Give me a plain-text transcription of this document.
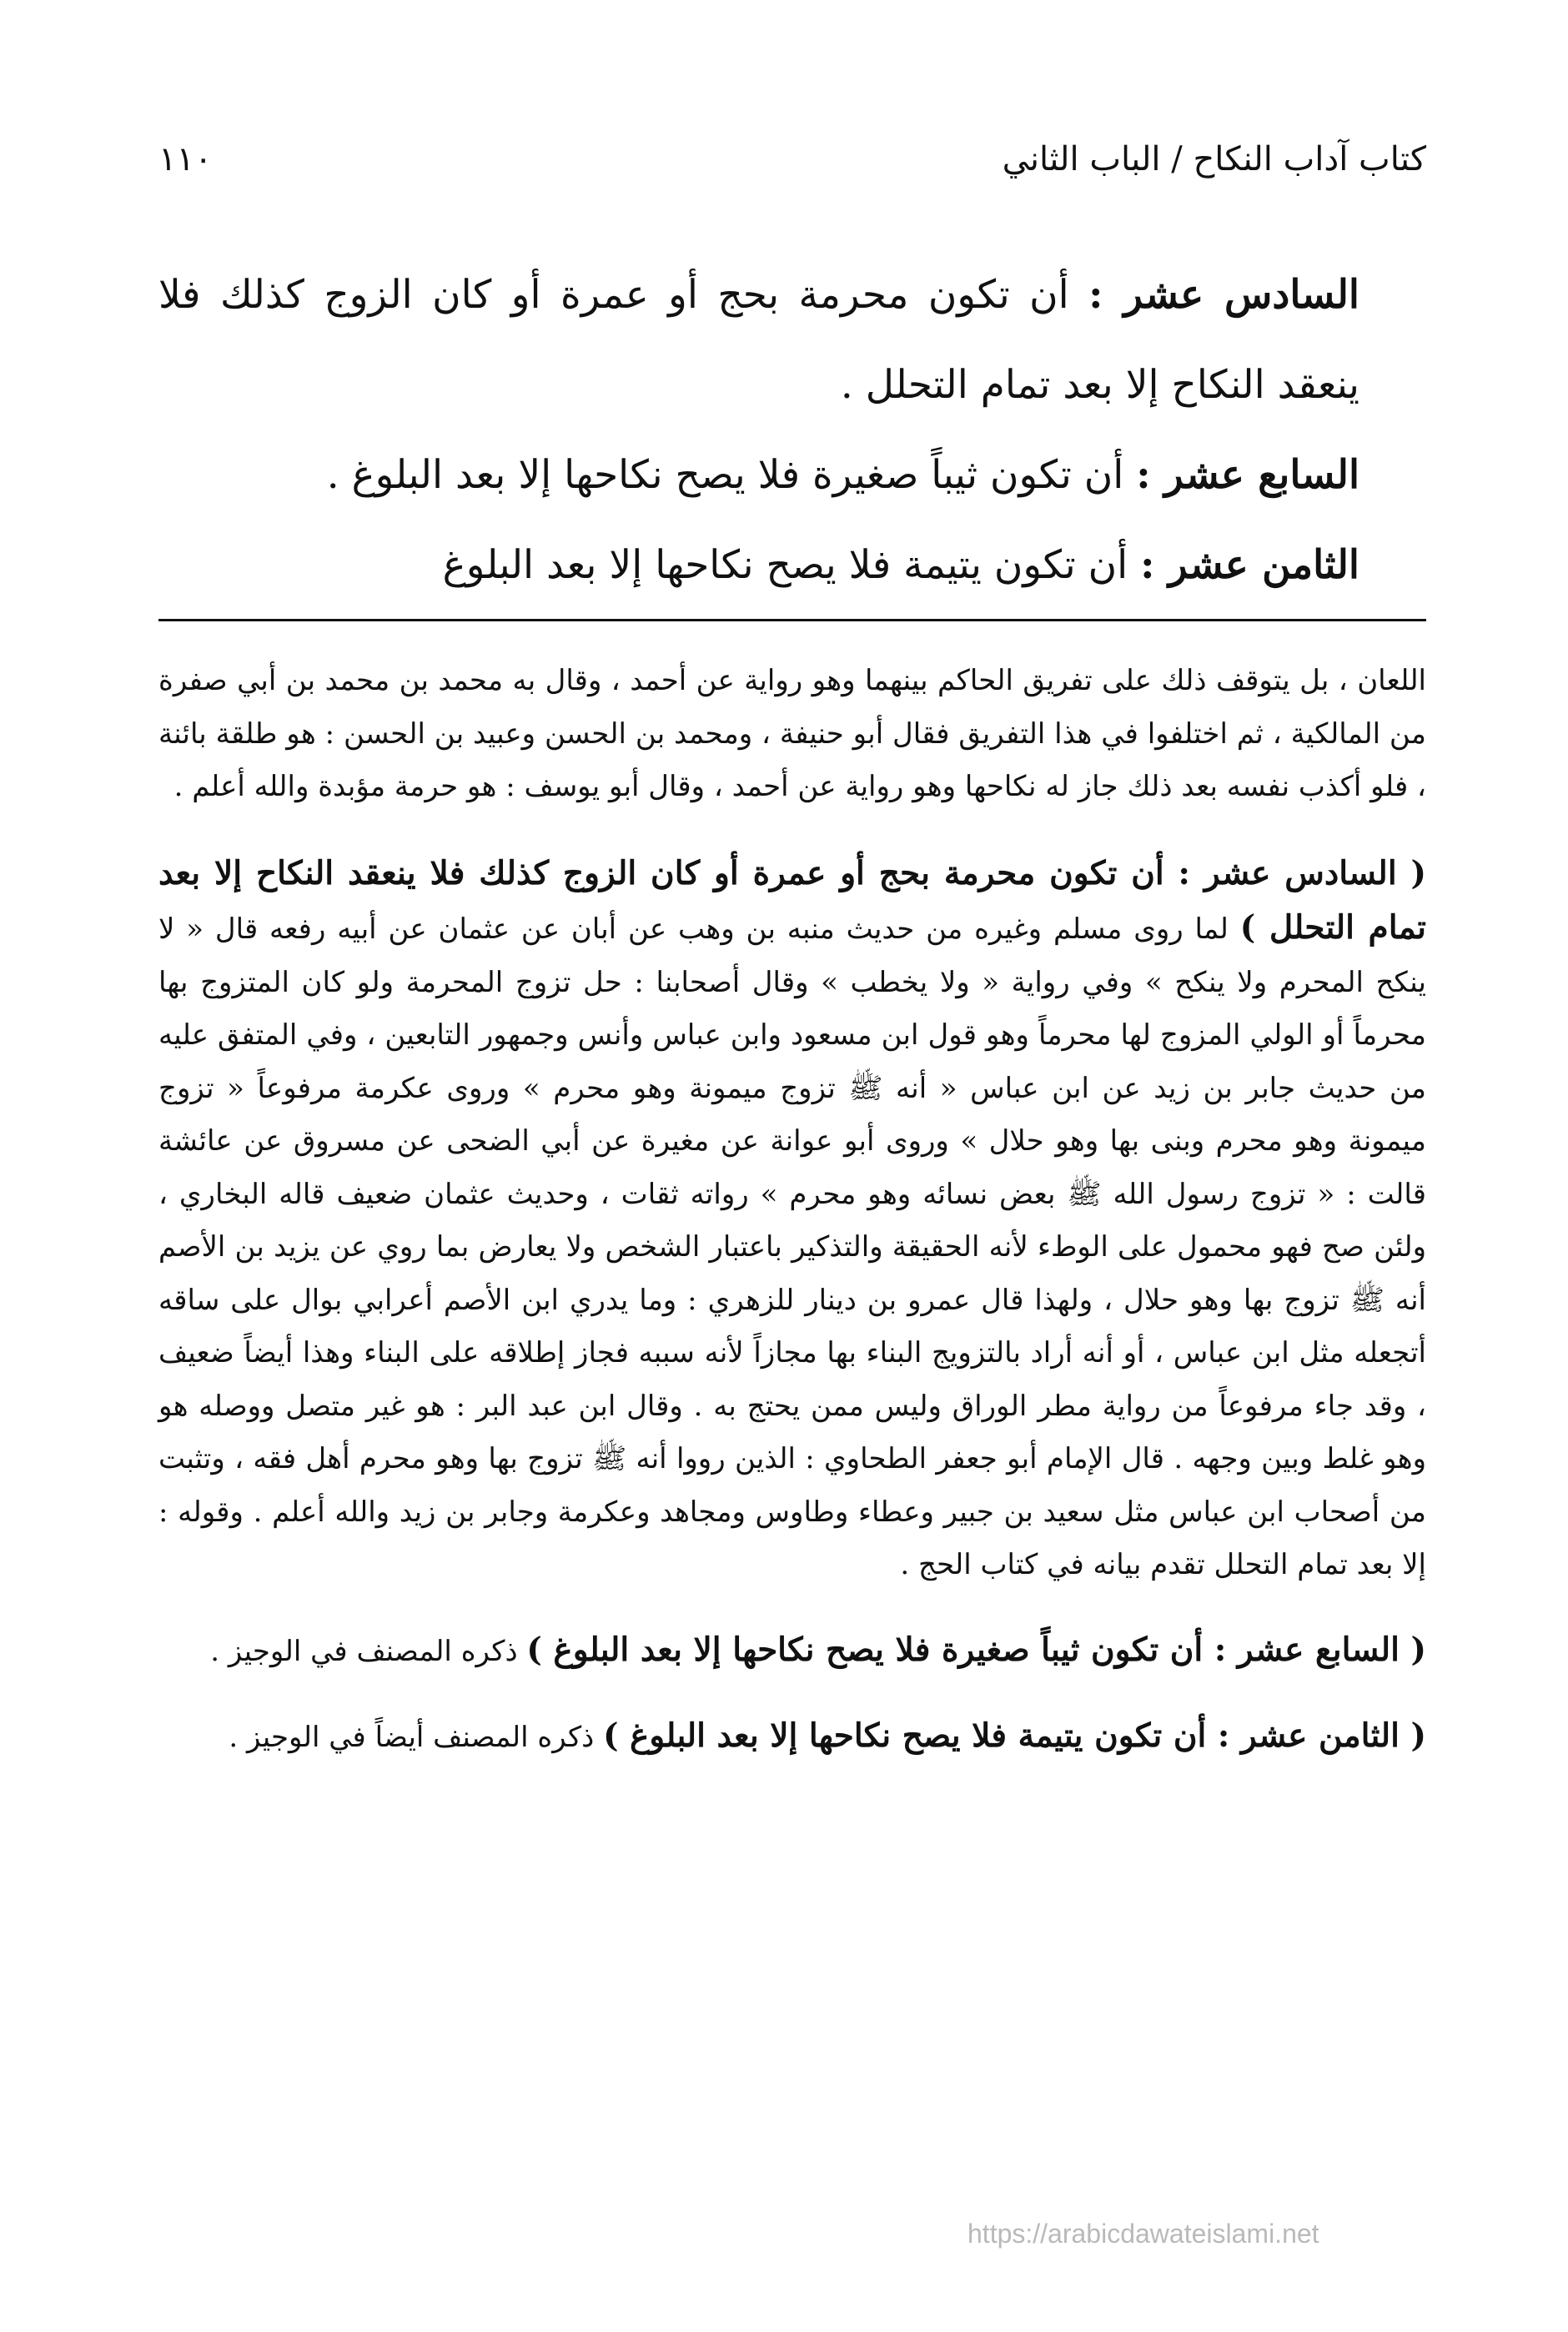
كتاب آداب النكاح / الباب الثاني
١١٠

السادس عشر : أن تكون محرمة بحج أو عمرة أو كان الزوج كذلك فلا ينعقد النكاح إلا بعد تمام التحلل .

السابع عشر : أن تكون ثيباً صغيرة فلا يصح نكاحها إلا بعد البلوغ .

الثامن عشر : أن تكون يتيمة فلا يصح نكاحها إلا بعد البلوغ

اللعان ، بل يتوقف ذلك على تفريق الحاكم بينهما وهو رواية عن أحمد ، وقال به محمد بن محمد بن أبي صفرة من المالكية ، ثم اختلفوا في هذا التفريق فقال أبو حنيفة ، ومحمد بن الحسن وعبيد بن الحسن : هو طلقة بائنة ، فلو أكذب نفسه بعد ذلك جاز له نكاحها وهو رواية عن أحمد ، وقال أبو يوسف : هو حرمة مؤبدة والله أعلم .

( السادس عشر : أن تكون محرمة بحج أو عمرة أو كان الزوج كذلك فلا ينعقد النكاح إلا بعد تمام التحلل ) لما روى مسلم وغيره من حديث منبه بن وهب عن أبان عن عثمان عن أبيه رفعه قال « لا ينكح المحرم ولا ينكح » وفي رواية « ولا يخطب » وقال أصحابنا : حل تزوج المحرمة ولو كان المتزوج بها محرماً أو الولي المزوج لها محرماً وهو قول ابن مسعود وابن عباس وأنس وجمهور التابعين ، وفي المتفق عليه من حديث جابر بن زيد عن ابن عباس « أنه ﷺ تزوج ميمونة وهو محرم » وروى عكرمة مرفوعاً « تزوج ميمونة وهو محرم وبنى بها وهو حلال » وروى أبو عوانة عن مغيرة عن أبي الضحى عن مسروق عن عائشة قالت : « تزوج رسول الله ﷺ بعض نسائه وهو محرم » رواته ثقات ، وحديث عثمان ضعيف قاله البخاري ، ولئن صح فهو محمول على الوطء لأنه الحقيقة والتذكير باعتبار الشخص ولا يعارض بما روي عن يزيد بن الأصم أنه ﷺ تزوج بها وهو حلال ، ولهذا قال عمرو بن دينار للزهري : وما يدري ابن الأصم أعرابي بوال على ساقه أتجعله مثل ابن عباس ، أو أنه أراد بالتزويج البناء بها مجازاً لأنه سببه فجاز إطلاقه على البناء وهذا أيضاً ضعيف ، وقد جاء مرفوعاً من رواية مطر الوراق وليس ممن يحتج به . وقال ابن عبد البر : هو غير متصل ووصله هو وهو غلط وبين وجهه . قال الإمام أبو جعفر الطحاوي : الذين رووا أنه ﷺ تزوج بها وهو محرم أهل فقه ، وتثبت من أصحاب ابن عباس مثل سعيد بن جبير وعطاء وطاوس ومجاهد وعكرمة وجابر بن زيد والله أعلم . وقوله : إلا بعد تمام التحلل تقدم بيانه في كتاب الحج .

( السابع عشر : أن تكون ثيباً صغيرة فلا يصح نكاحها إلا بعد البلوغ ) ذكره المصنف في الوجيز .

( الثامن عشر : أن تكون يتيمة فلا يصح نكاحها إلا بعد البلوغ ) ذكره المصنف أيضاً في الوجيز .

https://arabicdawateislami.net
